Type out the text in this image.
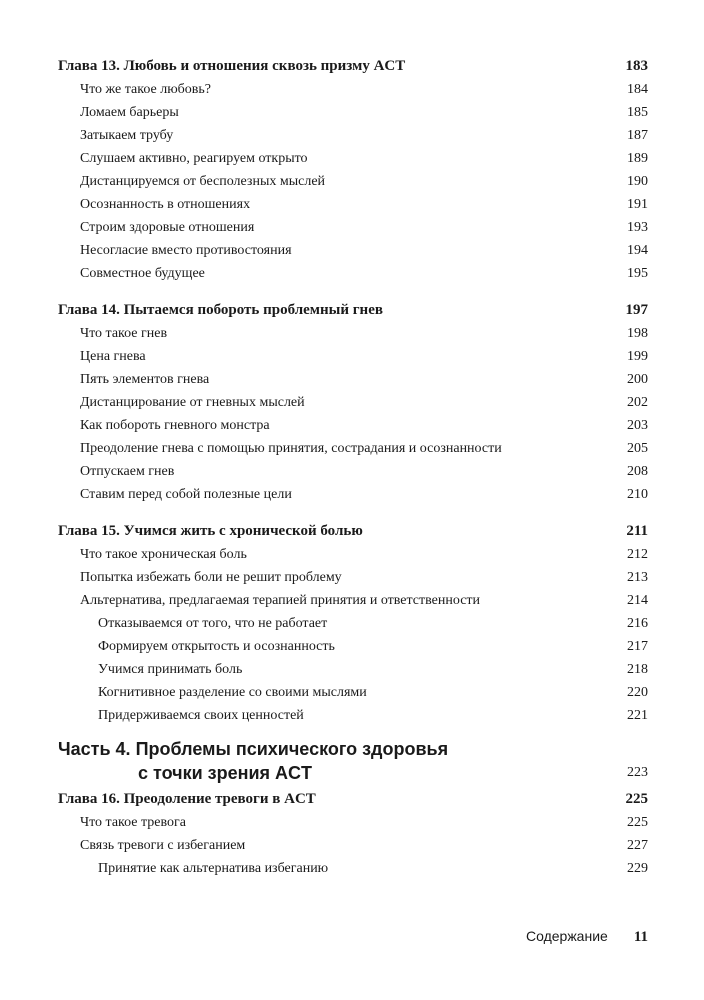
Глава 13. Любовь и отношения сквозь призму ACT	183
Что же такое любовь?	184
Ломаем барьеры	185
Затыкаем трубу	187
Слушаем активно, реагируем открыто	189
Дистанцируемся от бесполезных мыслей	190
Осознанность в отношениях	191
Строим здоровые отношения	193
Несогласие вместо противостояния	194
Совместное будущее	195
Глава 14. Пытаемся побороть проблемный гнев	197
Что такое гнев	198
Цена гнева	199
Пять элементов гнева	200
Дистанцирование от гневных мыслей	202
Как побороть гневного монстра	203
Преодоление гнева с помощью принятия, сострадания и осознанности	205
Отпускаем гнев	208
Ставим перед собой полезные цели	210
Глава 15. Учимся жить с хронической болью	211
Что такое хроническая боль	212
Попытка избежать боли не решит проблему	213
Альтернатива, предлагаемая терапией принятия и ответственности	214
Отказываемся от того, что не работает	216
Формируем открытость и осознанность	217
Учимся принимать боль	218
Когнитивное разделение со своими мыслями	220
Придерживаемся своих ценностей	221
Часть 4. Проблемы психического здоровья
с точки зрения ACT	223
Глава 16. Преодоление тревоги в ACT	225
Что такое тревога	225
Связь тревоги с избеганием	227
Принятие как альтернатива избеганию	229
Содержание 11
